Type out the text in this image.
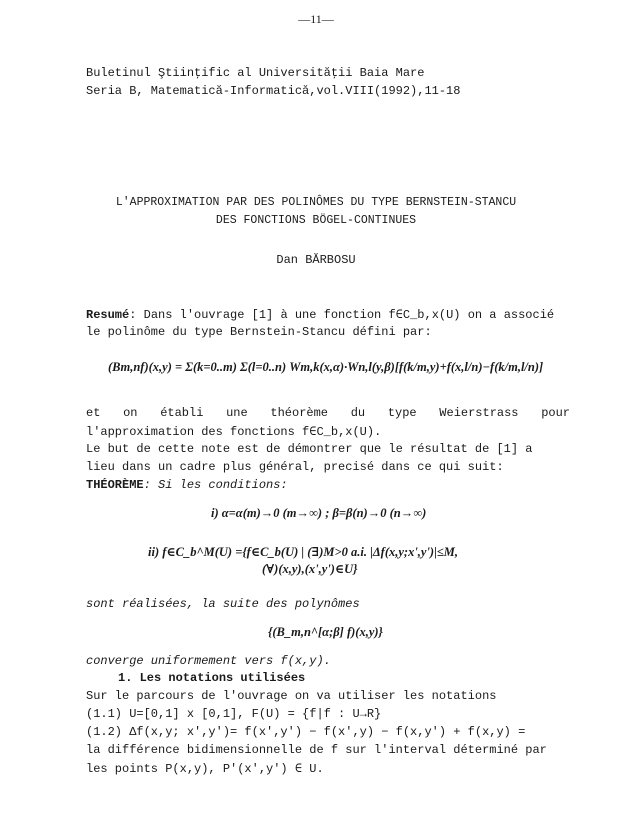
—11—
Buletinul Ştiinţific al Universităţii Baia Mare
Seria B, Matematică-Informatică,vol.VIII(1992),11-18
L'APPROXIMATION PAR DES POLINÔMES DU TYPE BERNSTEIN-STANCU
DES FONCTIONS BÖGEL-CONTINUES
Dan BĂRBOSU
Resumé: Dans l'ouvrage [1] à une fonction f∈C_b,x(U) on a associé
le polinôme du type Bernstein-Stancu défini par:
(Bm,nf)(x,y) = Σ(k=0..m) Σ(l=0..n) Wm,k(x,α)·Wn,l(y,β)[f(k/m,y)+f(x,l/n)−f(k/m,l/n)]
et on établi une théorème du type Weierstrass pour
l'approximation des fonctions f∈C_b,x(U).
Le but de cette note est de démontrer que le résultat de [1] a
lieu dans un cadre plus général, precisé dans ce qui suit:
THÉORÈME: Si les conditions:
i) α=α(m)→0 (m→∞) ; β=β(n)→0 (n→∞)
ii) f∈C_b^M(U) ={f∈C_b(U) | (∃)M>0 a.i. |Δf(x,y;x',y')|≤M,
(∀)(x,y),(x',y')∈U}
sont réalisées, la suite des polynômes
{(B_m,n^[α;β] f)(x,y)}
converge uniformement vers f(x,y).
1. Les notations utilisées
Sur le parcours de l'ouvrage on va utiliser les notations
(1.1) U=[0,1] x [0,1], F(U) = {f|f : U→R}
(1.2) Δf(x,y; x',y')= f(x',y') − f(x',y) − f(x,y') + f(x,y) =
la différence bidimensionnelle de f sur l'interval déterminé par
les points P(x,y), P'(x',y') ∈ U.
